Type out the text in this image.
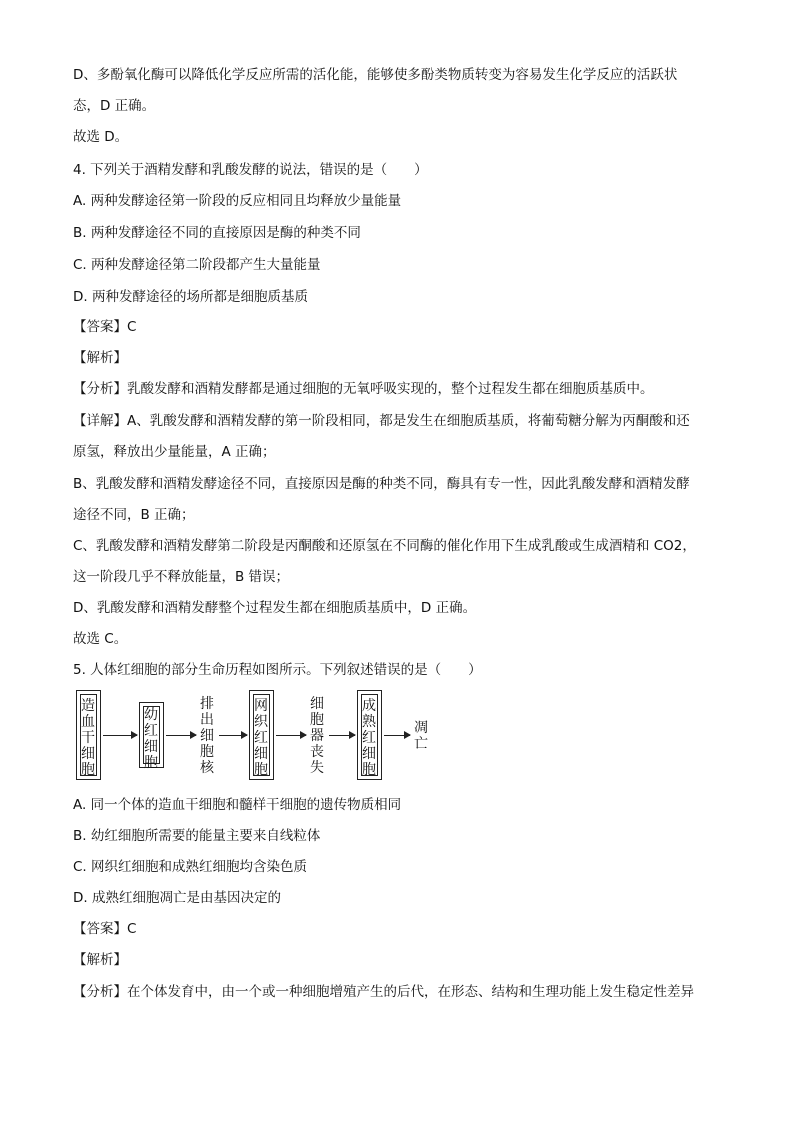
D、多酚氧化酶可以降低化学反应所需的活化能，能够使多酚类物质转变为容易发生化学反应的活跃状
态，D 正确。
故选 D。
4. 下列关于酒精发酵和乳酸发酵的说法，错误的是（　　）
A. 两种发酵途径第一阶段的反应相同且均释放少量能量
B. 两种发酵途径不同的直接原因是酶的种类不同
C. 两种发酵途径第二阶段都产生大量能量
D. 两种发酵途径的场所都是细胞质基质
【答案】C
【解析】
【分析】乳酸发酵和酒精发酵都是通过细胞的无氧呼吸实现的，整个过程发生都在细胞质基质中。
【详解】A、乳酸发酵和酒精发酵的第一阶段相同，都是发生在细胞质基质，将葡萄糖分解为丙酮酸和还
原氢，释放出少量能量，A 正确；
B、乳酸发酵和酒精发酵途径不同，直接原因是酶的种类不同，酶具有专一性，因此乳酸发酵和酒精发酵
途径不同，B 正确；
C、乳酸发酵和酒精发酵第二阶段是丙酮酸和还原氢在不同酶的催化作用下生成乳酸或生成酒精和 CO2，
这一阶段几乎不释放能量，B 错误；
D、乳酸发酵和酒精发酵整个过程发生都在细胞质基质中，D 正确。
故选 C。
5. 人体红细胞的部分生命历程如图所示。下列叙述错误的是（　　）
造
血
干
细
胞
幼
红
细
胞
排
出
细
胞
核
网
织
红
细
胞
细
胞
器
丧
失
成
熟
红
细
胞
凋
亡
A. 同一个体的造血干细胞和髓样干细胞的遗传物质相同
B. 幼红细胞所需要的能量主要来自线粒体
C. 网织红细胞和成熟红细胞均含染色质
D. 成熟红细胞凋亡是由基因决定的
【答案】C
【解析】
【分析】在个体发育中，由一个或一种细胞增殖产生的后代，在形态、结构和生理功能上发生稳定性差异
